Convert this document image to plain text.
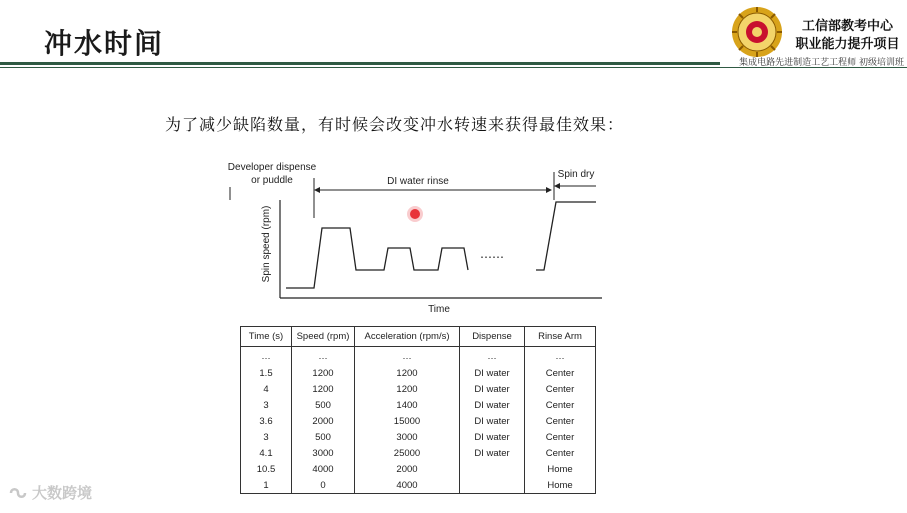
冲水时间
工信部教考中心
职业能力提升项目
集成电路先进制造工艺工程师 初级培训班
为了减少缺陷数量，有时候会改变冲水转速来获得最佳效果：
Developer dispense
or puddle	DI water rinse
Spin dry
Spin speed (rpm)
Time
……
Time (s)	Speed (rpm)	Acceleration (rpm/s)	Dispense	Rinse Arm
…	…	…	…	…
1.5	1200	1200	DI water	Center
4	1200	1200	DI water	Center
3	500	1400	DI water	Center
3.6	2000	15000	DI water	Center
3	500	3000	DI water	Center
4.1	3000	25000	DI water	Center
10.5	4000	2000		Home
1	0	4000		Home
大数跨境
